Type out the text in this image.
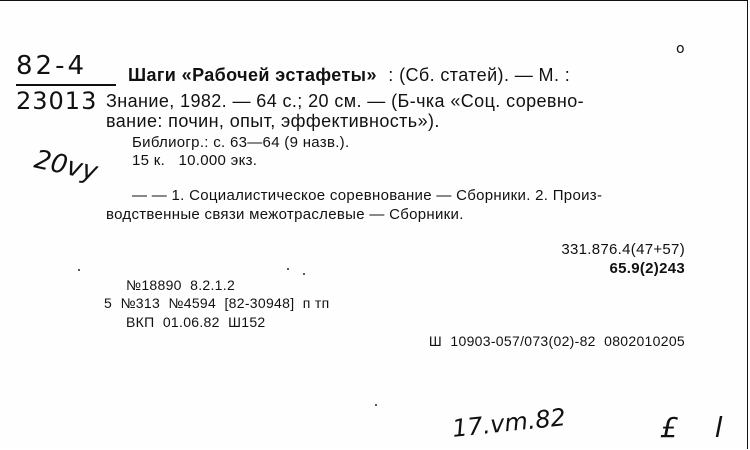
82-4
23013
20vy
o
Шаги «Рабочей эстафеты» : (Сб. статей). — М. :
Знание, 1982. — 64 с.; 20 см. — (Б-чка «Соц. соревно-
вание: почин, опыт, эффективность»).
Библиогр.: с. 63—64 (9 назв.).
15 к.   10.000 экз.
— — 1. Социалистическое соревнование — Сборники. 2. Произ-
водственные связи межотраслевые — Сборники.
331.876.4(47+57)
65.9(2)243
№18890  8.2.1.2
5  №313  №4594  [82-30948]  п тп
ВКП  01.06.82  Ш152
Ш  10903-057/073(02)-82  0802010205
17.vm.82	£ l
